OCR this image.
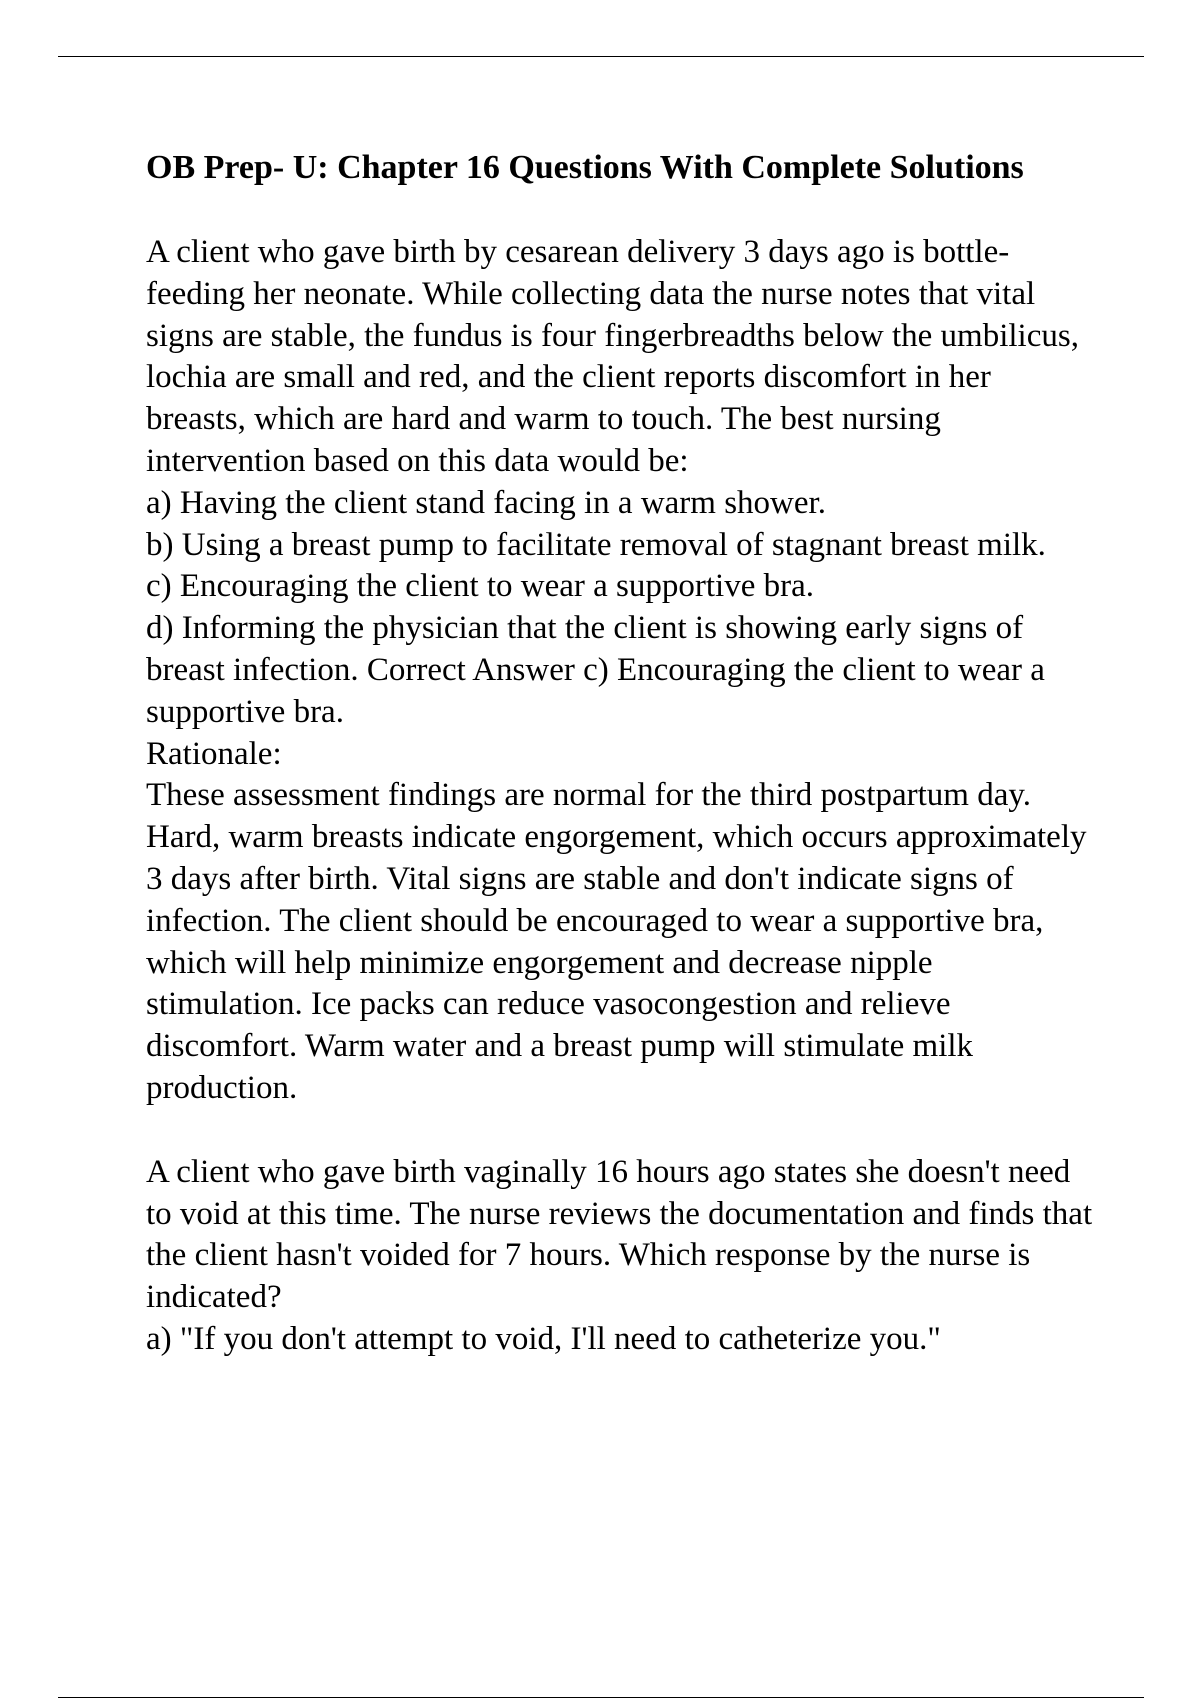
OB Prep- U: Chapter 16 Questions With Complete Solutions

A client who gave birth by cesarean delivery 3 days ago is bottle-feeding her neonate. While collecting data the nurse notes that vital signs are stable, the fundus is four fingerbreadths below the umbilicus, lochia are small and red, and the client reports discomfort in her breasts, which are hard and warm to touch. The best nursing intervention based on this data would be:

a) Having the client stand facing in a warm shower.

b) Using a breast pump to facilitate removal of stagnant breast milk.

c) Encouraging the client to wear a supportive bra.

d) Informing the physician that the client is showing early signs of breast infection. Correct Answer c) Encouraging the client to wear a supportive bra.

Rationale:

These assessment findings are normal for the third postpartum day. Hard, warm breasts indicate engorgement, which occurs approximately 3 days after birth. Vital signs are stable and don't indicate signs of infection. The client should be encouraged to wear a supportive bra, which will help minimize engorgement and decrease nipple stimulation. Ice packs can reduce vasocongestion and relieve discomfort. Warm water and a breast pump will stimulate milk production.

A client who gave birth vaginally 16 hours ago states she doesn't need to void at this time. The nurse reviews the documentation and finds that the client hasn't voided for 7 hours. Which response by the nurse is indicated?

a) "If you don't attempt to void, I'll need to catheterize you."
